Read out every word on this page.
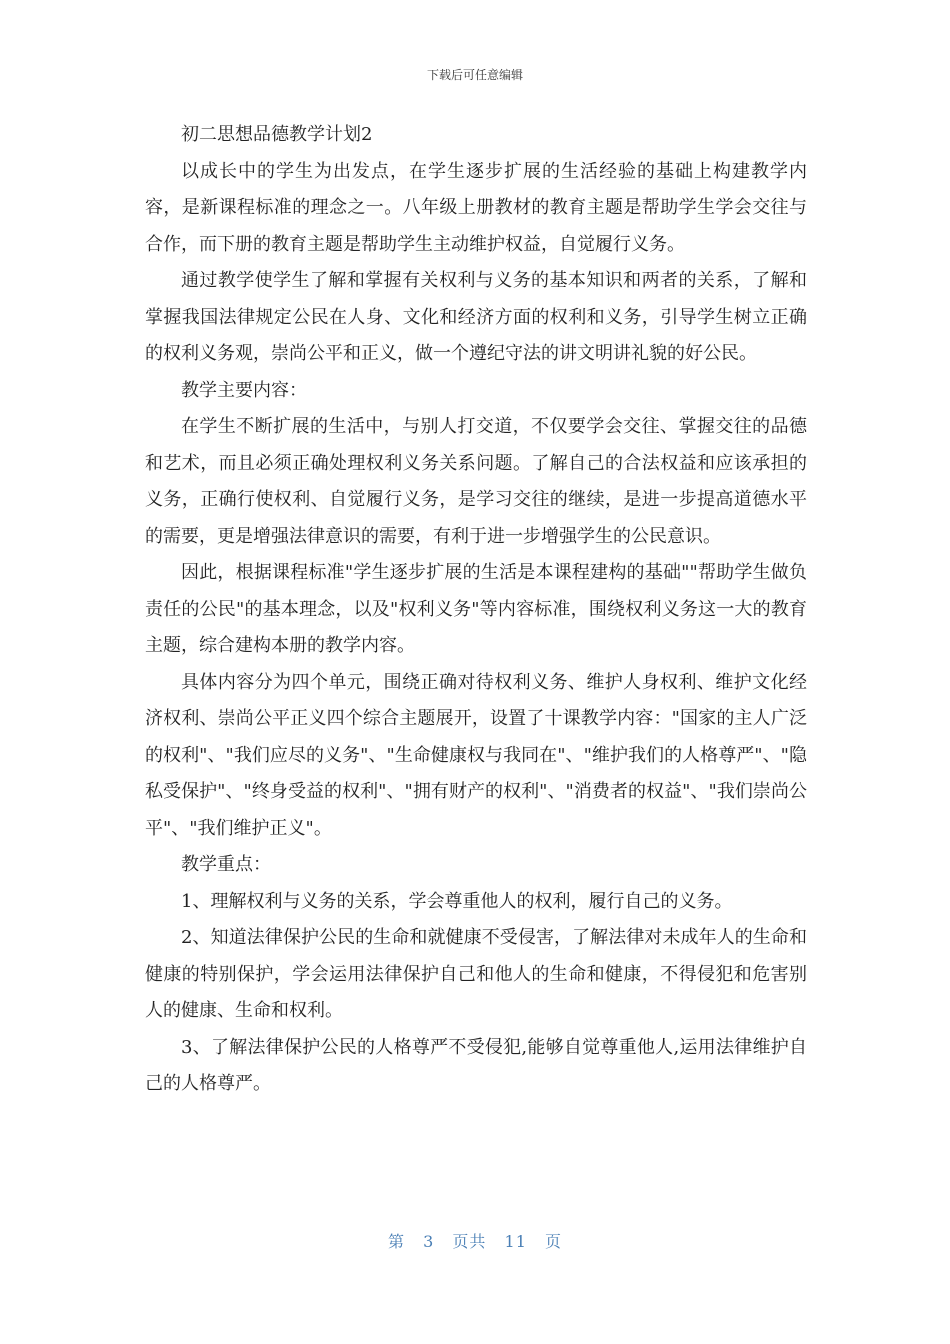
下载后可任意编辑

初二思想品德教学计划2

以成长中的学生为出发点，在学生逐步扩展的生活经验的基础上构建教学内容，是新课程标准的理念之一。八年级上册教材的教育主题是帮助学生学会交往与合作，而下册的教育主题是帮助学生主动维护权益，自觉履行义务。

通过教学使学生了解和掌握有关权利与义务的基本知识和两者的关系，了解和掌握我国法律规定公民在人身、文化和经济方面的权利和义务，引导学生树立正确的权利义务观，崇尚公平和正义，做一个遵纪守法的讲文明讲礼貌的好公民。

教学主要内容：

在学生不断扩展的生活中，与别人打交道，不仅要学会交往、掌握交往的品德和艺术，而且必须正确处理权利义务关系问题。了解自己的合法权益和应该承担的义务，正确行使权利、自觉履行义务，是学习交往的继续，是进一步提高道德水平的需要，更是增强法律意识的需要，有利于进一步增强学生的公民意识。

因此，根据课程标准"学生逐步扩展的生活是本课程建构的基础""帮助学生做负责任的公民"的基本理念，以及"权利义务"等内容标准，围绕权利义务这一大的教育主题，综合建构本册的教学内容。

具体内容分为四个单元，围绕正确对待权利义务、维护人身权利、维护文化经济权利、崇尚公平正义四个综合主题展开，设置了十课教学内容："国家的主人广泛的权利"、"我们应尽的义务"、"生命健康权与我同在"、"维护我们的人格尊严"、"隐私受保护"、"终身受益的权利"、"拥有财产的权利"、"消费者的权益"、"我们崇尚公平"、"我们维护正义"。

教学重点：

1、理解权利与义务的关系，学会尊重他人的权利，履行自己的义务。

2、知道法律保护公民的生命和就健康不受侵害，了解法律对未成年人的生命和健康的特别保护，学会运用法律保护自己和他人的生命和健康，不得侵犯和危害别人的健康、生命和权利。

3、了解法律保护公民的人格尊严不受侵犯,能够自觉尊重他人,运用法律维护自己的人格尊严。

第 3 页共 11 页
